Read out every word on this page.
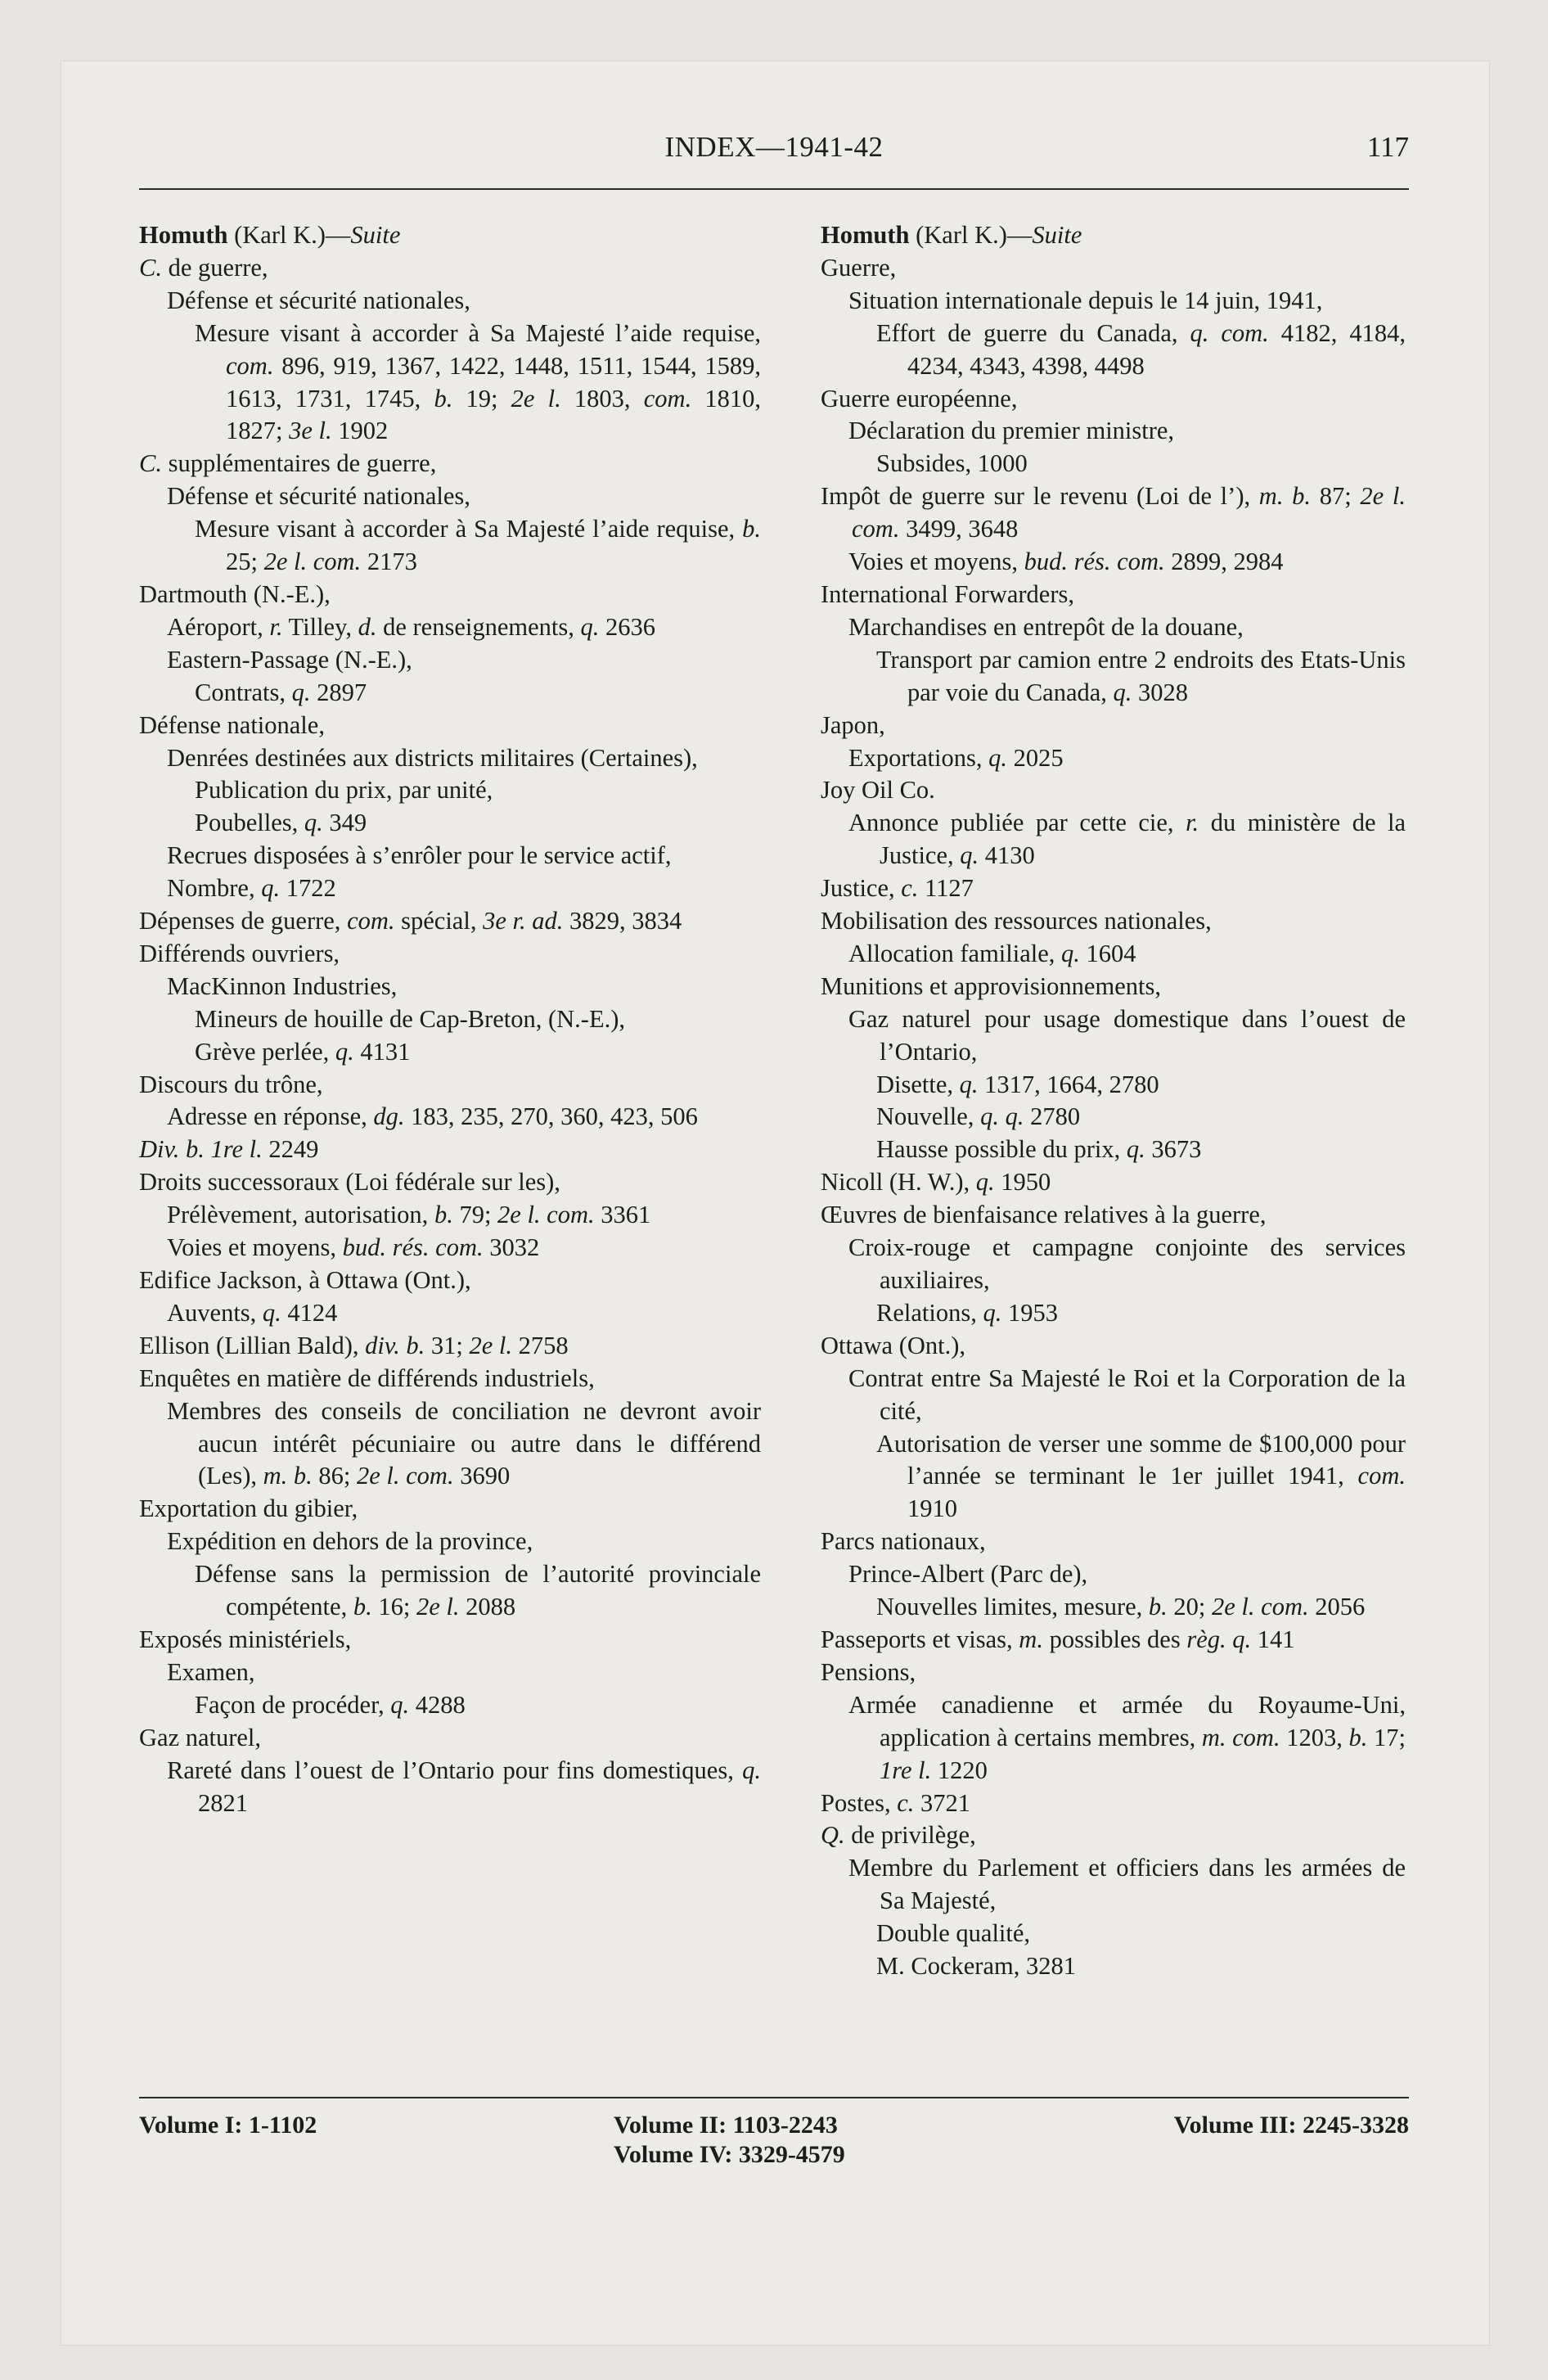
INDEX—1941-42	117

Homuth (Karl K.)—Suite

C. de guerre,

Défense et sécurité nationales,

Mesure visant à accorder à Sa Majesté l’aide requise, com. 896, 919, 1367, 1422, 1448, 1511, 1544, 1589, 1613, 1731, 1745, b. 19; 2e l. 1803, com. 1810, 1827; 3e l. 1902

C. supplémentaires de guerre,

Défense et sécurité nationales,

Mesure visant à accorder à Sa Majesté l’aide requise, b. 25; 2e l. com. 2173

Dartmouth (N.-E.),

Aéroport, r. Tilley, d. de renseignements, q. 2636

Eastern-Passage (N.-E.),

Contrats, q. 2897

Défense nationale,

Denrées destinées aux districts militaires (Certaines),

Publication du prix, par unité,

Poubelles, q. 349

Recrues disposées à s’enrôler pour le service actif,

Nombre, q. 1722

Dépenses de guerre, com. spécial, 3e r. ad. 3829, 3834

Différends ouvriers,

MacKinnon Industries,

Mineurs de houille de Cap-Breton, (N.-E.),

Grève perlée, q. 4131

Discours du trône,

Adresse en réponse, dg. 183, 235, 270, 360, 423, 506

Div. b. 1re l. 2249

Droits successoraux (Loi fédérale sur les),

Prélèvement, autorisation, b. 79; 2e l. com. 3361

Voies et moyens, bud. rés. com. 3032

Edifice Jackson, à Ottawa (Ont.),

Auvents, q. 4124

Ellison (Lillian Bald), div. b. 31; 2e l. 2758

Enquêtes en matière de différends industriels,

Membres des conseils de conciliation ne devront avoir aucun intérêt pécuniaire ou autre dans le différend (Les), m. b. 86; 2e l. com. 3690

Exportation du gibier,

Expédition en dehors de la province,

Défense sans la permission de l’autorité provinciale compétente, b. 16; 2e l. 2088

Exposés ministériels,

Examen,

Façon de procéder, q. 4288

Gaz naturel,

Rareté dans l’ouest de l’Ontario pour fins domestiques, q. 2821

Homuth (Karl K.)—Suite

Guerre,

Situation internationale depuis le 14 juin, 1941,

Effort de guerre du Canada, q. com. 4182, 4184, 4234, 4343, 4398, 4498

Guerre européenne,

Déclaration du premier ministre,

Subsides, 1000

Impôt de guerre sur le revenu (Loi de l’), m. b. 87; 2e l. com. 3499, 3648

Voies et moyens, bud. rés. com. 2899, 2984

International Forwarders,

Marchandises en entrepôt de la douane,

Transport par camion entre 2 endroits des Etats-Unis par voie du Canada, q. 3028

Japon,

Exportations, q. 2025

Joy Oil Co.

Annonce publiée par cette cie, r. du ministère de la Justice, q. 4130

Justice, c. 1127

Mobilisation des ressources nationales,

Allocation familiale, q. 1604

Munitions et approvisionnements,

Gaz naturel pour usage domestique dans l’ouest de l’Ontario,

Disette, q. 1317, 1664, 2780

Nouvelle, q. q. 2780

Hausse possible du prix, q. 3673

Nicoll (H. W.), q. 1950

Œuvres de bienfaisance relatives à la guerre,

Croix-rouge et campagne conjointe des services auxiliaires,

Relations, q. 1953

Ottawa (Ont.),

Contrat entre Sa Majesté le Roi et la Corporation de la cité,

Autorisation de verser une somme de $100,000 pour l’année se terminant le 1er juillet 1941, com. 1910

Parcs nationaux,

Prince-Albert (Parc de),

Nouvelles limites, mesure, b. 20; 2e l. com. 2056

Passeports et visas, m. possibles des règ. q. 141

Pensions,

Armée canadienne et armée du Royaume-Uni, application à certains membres, m. com. 1203, b. 17; 1re l. 1220

Postes, c. 3721

Q. de privilège,

Membre du Parlement et officiers dans les armées de Sa Majesté,

Double qualité,

M. Cockeram, 3281

Volume I: 1-1102	Volume II: 1103-2243
Volume IV: 3329-4579
Volume III: 2245-3328
